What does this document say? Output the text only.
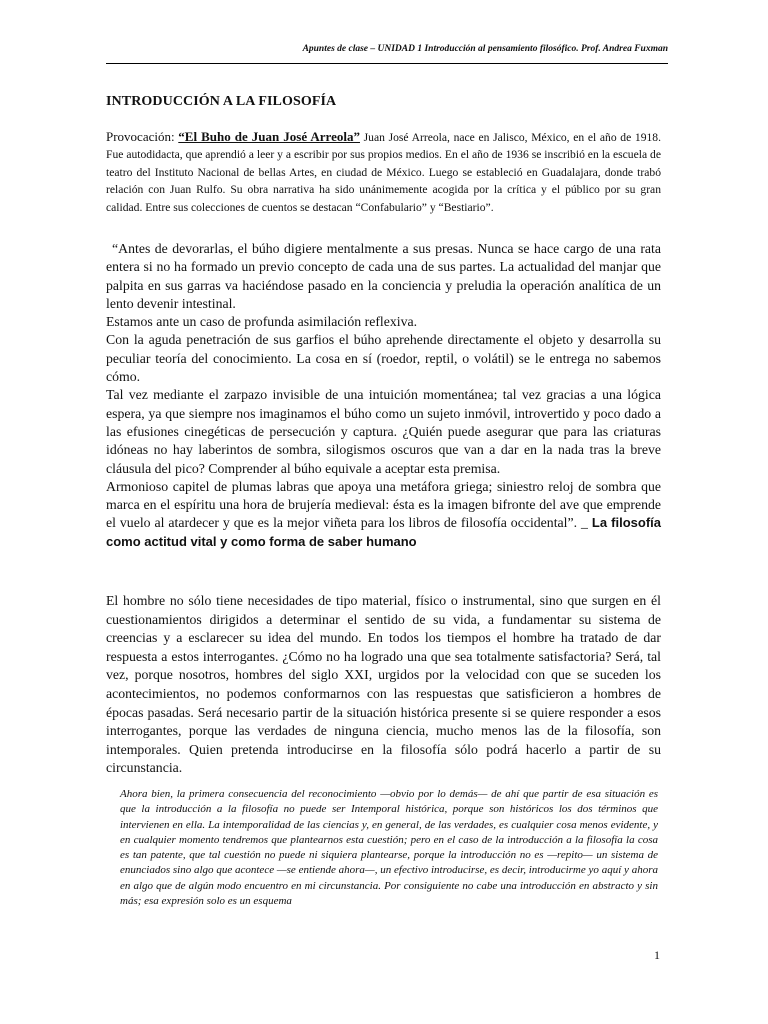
Apuntes de clase – UNIDAD 1 Introducción al pensamiento filosófico. Prof. Andrea Fuxman
INTRODUCCIÓN A LA FILOSOFÍA

Provocación: “El Buho de Juan José Arreola” Juan José Arreola, nace en Jalisco, México, en el año de 1918. Fue autodidacta, que aprendió a leer y a escribir por sus propios medios. En el año de 1936 se inscribió en la escuela de teatro del Instituto Nacional de bellas Artes, en ciudad de México. Luego se estableció en Guadalajara, donde trabó relación con Juan Rulfo. Su obra narrativa ha sido unánimemente acogida por la crítica y el público por su gran calidad. Entre sus colecciones de cuentos se destacan “Confabulario” y “Bestiario”.

“Antes de devorarlas, el búho digiere mentalmente a sus presas. Nunca se hace cargo de una rata entera si no ha formado un previo concepto de cada una de sus partes. La actualidad del manjar que palpita en sus garras va haciéndose pasado en la conciencia y preludia la operación analítica de un lento devenir intestinal.

Estamos ante un caso de profunda asimilación reflexiva.

Con la aguda penetración de sus garfios el búho aprehende directamente el objeto y desarrolla su peculiar teoría del conocimiento. La cosa en sí (roedor, reptil, o volátil) se le entrega no sabemos cómo.

Tal vez mediante el zarpazo invisible de una intuición momentánea; tal vez gracias a una lógica espera, ya que siempre nos imaginamos el búho como un sujeto inmóvil, introvertido y poco dado a las efusiones cinegéticas de persecución y captura. ¿Quién puede asegurar que para las criaturas idóneas no hay laberintos de sombra, silogismos oscuros que van a dar en la nada tras la breve cláusula del pico? Comprender al búho equivale a aceptar esta premisa.

Armonioso capitel de plumas labras que apoya una metáfora griega; siniestro reloj de sombra que marca en el espíritu una hora de brujería medieval: ésta es la imagen bifronte del ave que emprende el vuelo al atardecer y que es la mejor viñeta para los libros de filosofía occidental”. _ La filosofía como actitud vital y como forma de saber humano

El hombre no sólo tiene necesidades de tipo material, físico o instrumental, sino que surgen en él cuestionamientos dirigidos a determinar el sentido de su vida, a fundamentar su sistema de creencias y a esclarecer su idea del mundo. En todos los tiempos el hombre ha tratado de dar respuesta a estos interrogantes. ¿Cómo no ha logrado una que sea totalmente satisfactoria? Será, tal vez, porque nosotros, hombres del siglo XXI, urgidos por la velocidad con que se suceden los acontecimientos, no podemos conformarnos con las respuestas que satisficieron a hombres de épocas pasadas. Será necesario partir de la situación histórica presente si se quiere responder a esos interrogantes, porque las verdades de ninguna ciencia, mucho menos las de la filosofía, son intemporales. Quien pretenda introducirse en la filosofía sólo podrá hacerlo a partir de su circunstancia.

Ahora bien, la primera consecuencia del reconocimiento —obvio por lo demás— de ahí que partir de esa situación es que la introducción a la filosofía no puede ser Intemporal histórica, porque son históricos los dos términos que intervienen en ella. La intemporalidad de las ciencias y, en general, de las verdades, es cualquier cosa menos evidente, y en cualquier momento tendremos que plantearnos esta cuestión; pero en el caso de la introducción a la filosofía la cosa es tan patente, que tal cuestión no puede ni siquiera plantearse, porque la introducción no es —repito— un sistema de enunciados sino algo que acontece —se entiende ahora—, un efectivo introducirse, es decir, introducirme yo aquí y ahora en algo que de algún modo encuentro en mi circunstancia. Por consiguiente no cabe una introducción en abstracto y sin más; esa expresión solo es un esquema

1
